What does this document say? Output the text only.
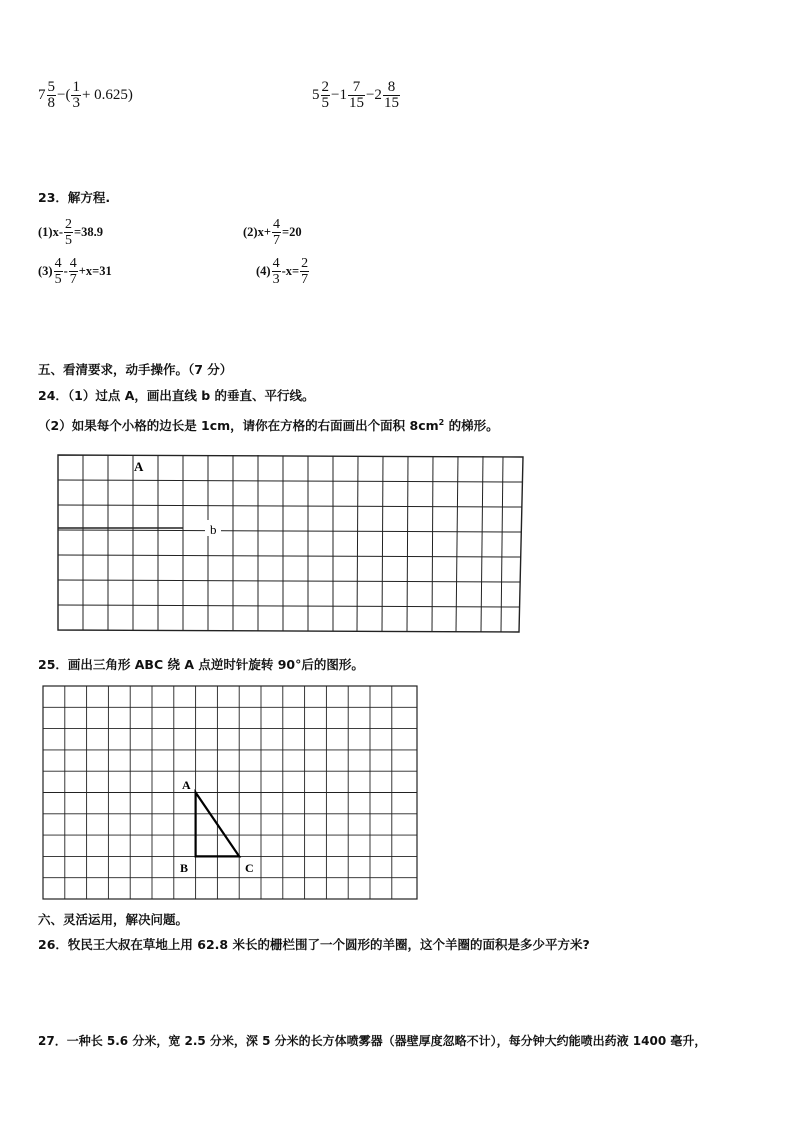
$7 \frac{5}{8}$ −( $\frac{1}{3} + 0.625$)	$5 \frac{2}{5} -1 \frac{7}{15} -2 \frac{8}{15}$
23．解方程.
$(1)x- \frac{2}{5} =38.9$	$(2)x+ \frac{4}{7} =20$
$(3) \frac{4}{5} - \frac{4}{7} +x=31$	$(4) \frac{4}{3} -x= \frac{2}{7}$
五、看清要求，动手操作。（7 分）
24．（1）过点 A，画出直线 b 的垂直、平行线。
（2）如果每个小格的边长是 1cm，请你在方格的右面画出个面积 $8cm^2$ 的梯形。
A
b
25．画出三角形 ABC 绕 A 点逆时针旋转 90°后的图形。
A
B	C
六、灵活运用，解决问题。
26．牧民王大叔在草地上用 62.8 米长的栅栏围了一个圆形的羊圈，这个羊圈的面积是多少平方米?
27．一种长 5.6 分米，宽 2.5 分米，深 5 分米的长方体喷雾器（器壁厚度忽略不计），每分钟大约能喷出药液 1400 毫升，
